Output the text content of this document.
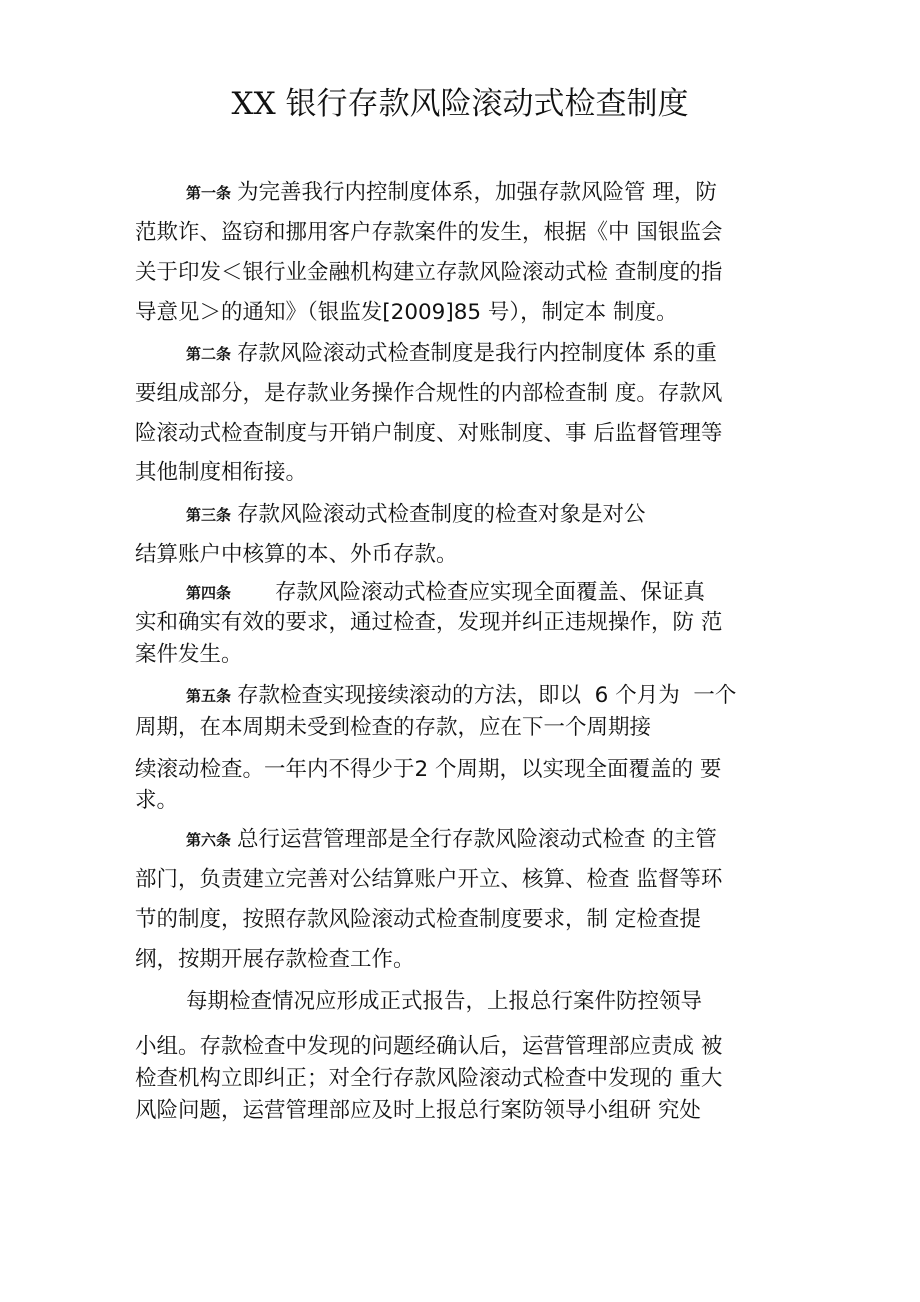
XX 银行存款风险滚动式检查制度
第一条 为完善我行内控制度体系，加强存款风险管 理，防
范欺诈、盗窃和挪用客户存款案件的发生，根据《中 国银监会
关于印发＜银行业金融机构建立存款风险滚动式检 查制度的指
导意见＞的通知》（银监发[2009]85 号），制定本 制度。
第二条 存款风险滚动式检查制度是我行内控制度体 系的重
要组成部分，是存款业务操作合规性的内部检查制 度。存款风
险滚动式检查制度与开销户制度、对账制度、事 后监督管理等
其他制度相衔接。
第三条 存款风险滚动式检查制度的检查对象是对公
结算账户中核算的本、外币存款。
第四条 存款风险滚动式检查应实现全面覆盖、保证真
实和确实有效的要求，通过检查，发现并纠正违规操作，防 范
案件发生。
第五条 存款检查实现接续滚动的方法，即以  6 个月为  一个
周期，在本周期未受到检查的存款，应在下一个周期接
续滚动检查。一年内不得少于2 个周期，以实现全面覆盖的 要
求。
第六条 总行运营管理部是全行存款风险滚动式检查 的主管
部门，负责建立完善对公结算账户开立、核算、检查 监督等环
节的制度，按照存款风险滚动式检查制度要求，制 定检查提
纲，按期开展存款检查工作。
每期检查情况应形成正式报告，上报总行案件防控领导
小组。存款检查中发现的问题经确认后，运营管理部应责成 被
检查机构立即纠正；对全行存款风险滚动式检查中发现的 重大
风险问题，运营管理部应及时上报总行案防领导小组研 究处
